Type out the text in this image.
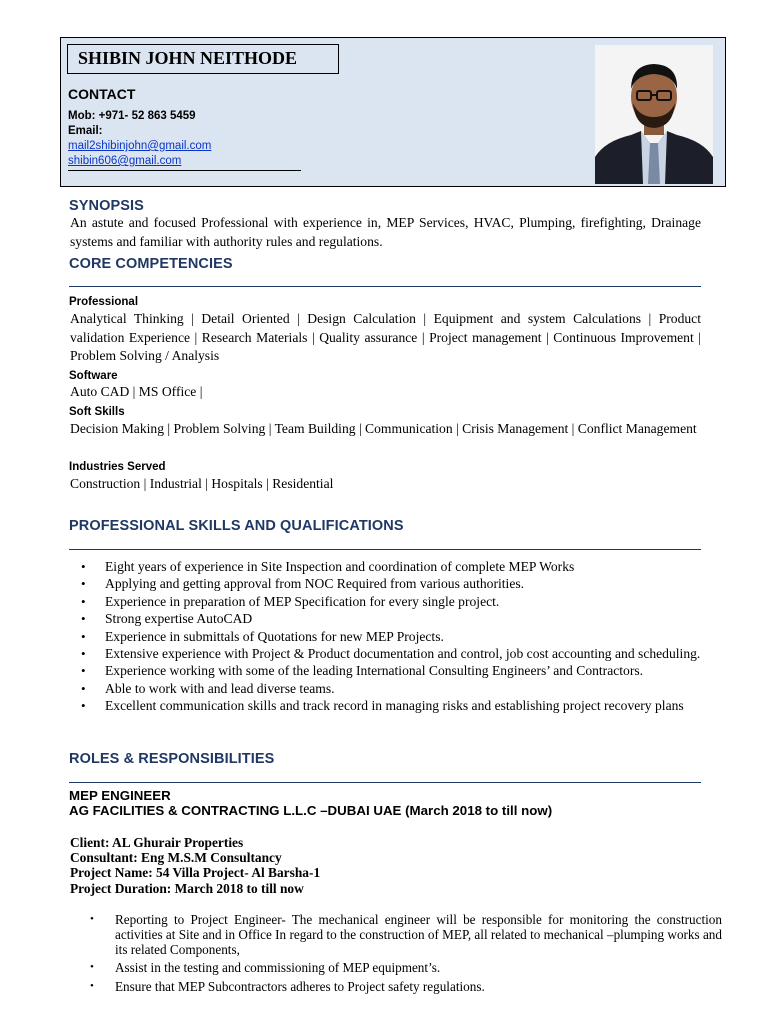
SHIBIN JOHN NEITHODE
CONTACT
Mob: +971- 52 863 5459
Email:
mail2shibinjohn@gmail.com
shibin606@gmail.com
SYNOPSIS
An astute and focused Professional with experience in, MEP Services, HVAC, Plumping, firefighting, Drainage systems and familiar with authority rules and regulations.
CORE COMPETENCIES
Professional
Analytical Thinking | Detail Oriented | Design Calculation | Equipment and system Calculations | Product validation Experience | Research Materials | Quality assurance | Project management | Continuous Improvement | Problem Solving / Analysis
Software
Auto CAD | MS Office |
Soft Skills
Decision Making | Problem Solving | Team Building | Communication | Crisis Management | Conflict Management
Industries Served
Construction | Industrial | Hospitals | Residential
PROFESSIONAL SKILLS AND QUALIFICATIONS
• Eight years of experience in Site Inspection and coordination of complete MEP Works
• Applying and getting approval from NOC Required from various authorities.
• Experience in preparation of MEP Specification for every single project.
• Strong expertise AutoCAD
• Experience in submittals of Quotations for new MEP Projects.
• Extensive experience with Project & Product documentation and control, job cost accounting and scheduling.
• Experience working with some of the leading International Consulting Engineers’ and Contractors.
• Able to work with and lead diverse teams.
• Excellent communication skills and track record in managing risks and establishing project recovery plans
ROLES & RESPONSIBILITIES
MEP ENGINEER
AG FACILITIES & CONTRACTING L.L.C –DUBAI UAE (March 2018 to till now)
Client: AL Ghurair Properties
Consultant: Eng M.S.M Consultancy
Project Name: 54 Villa Project- Al Barsha-1
Project Duration: March 2018 to till now
• Reporting to Project Engineer- The mechanical engineer will be responsible for monitoring the construction activities at Site and in Office In regard to the construction of MEP, all related to mechanical –plumping works and its related Components,
• Assist in the testing and commissioning of MEP equipment’s.
• Ensure that MEP Subcontractors adheres to Project safety regulations.
